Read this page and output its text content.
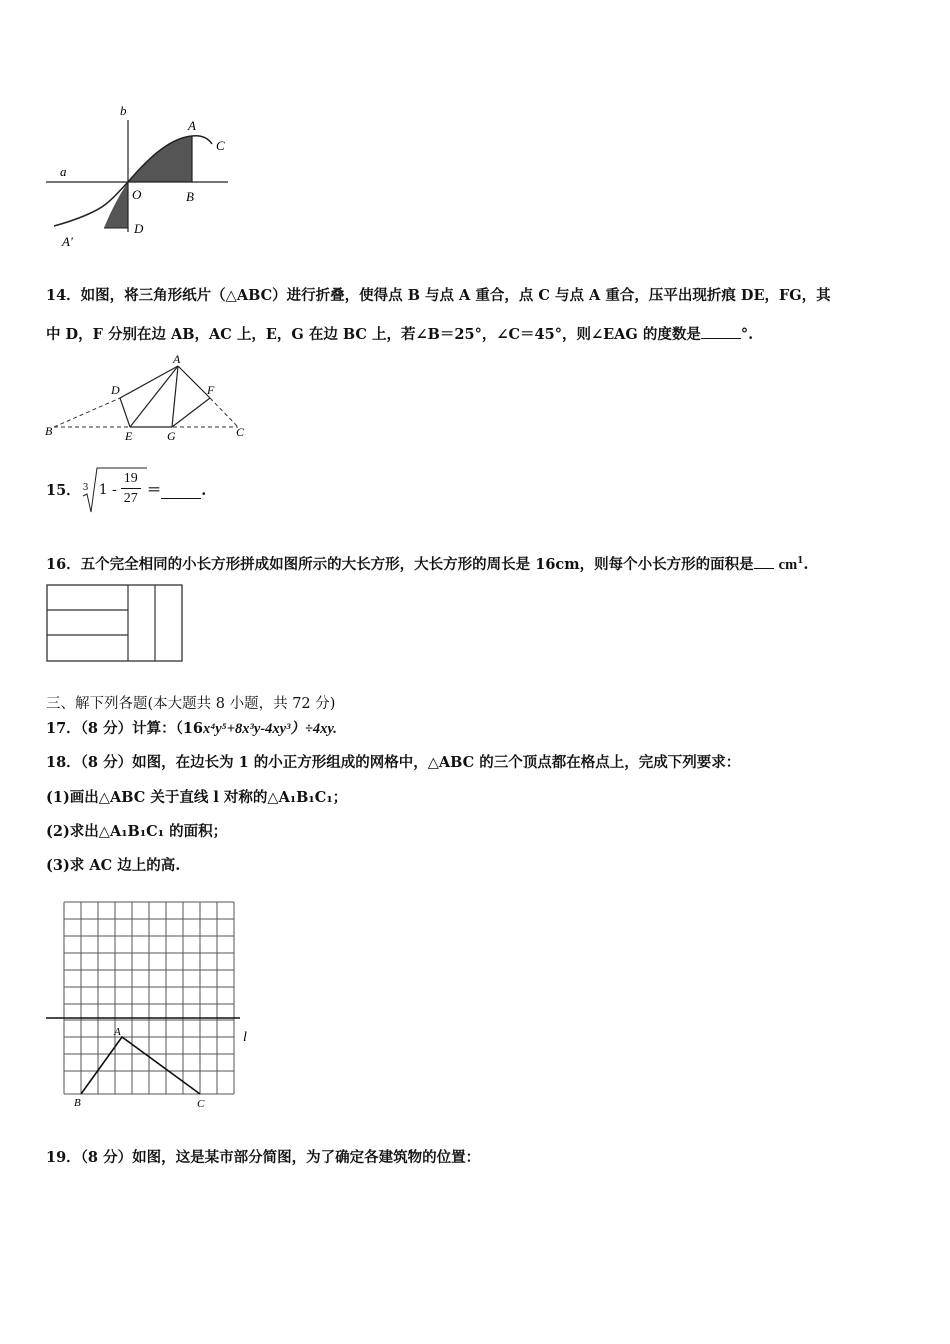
b
a
A
C
O	B
D
A'
14．如图，将三角形纸片（△ABC）进行折叠，使得点 B 与点 A 重合，点 C 与点 A 重合，压平出现折痕 DE，FG，其
中 D，F 分别在边 AB，AC 上，E，G 在边 BC 上，若∠B＝25°，∠C＝45°，则∠EAG 的度数是	°.
A
B	C
D
E
F
G
15． 3 $1 - \frac{19}{27}$ ＝	.
16．五个完全相同的小长方形拼成如图所示的大长方形，大长方形的周长是 16cm，则每个小长方形的面积是 $cm^1$.
三、解下列各题(本大题共 8 小题，共 72 分)
17．（8 分）计算：（16x⁴y⁵+8x³y-4xy³）÷4xy.
18．（8 分）如图，在边长为 1 的小正方形组成的网格中，△ABC 的三个顶点都在格点上，完成下列要求：
(1)画出△ABC 关于直线 l 对称的△A₁B₁C₁；
(2)求出△A₁B₁C₁ 的面积；
(3)求 AC 边上的高.
A
B	C
l
19．（8 分）如图，这是某市部分简图，为了确定各建筑物的位置：
